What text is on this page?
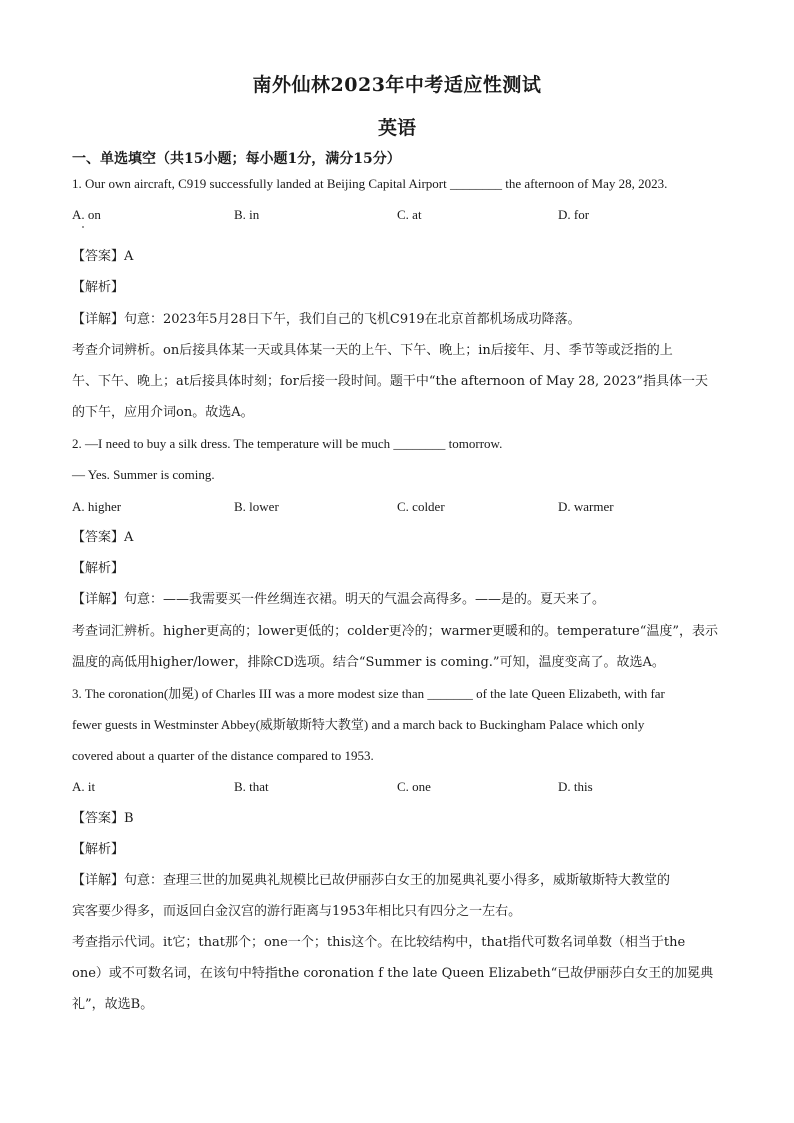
南外仙林2023年中考适应性测试
英语
一、单选填空（共15小题；每小题1分，满分15分）
1. Our own aircraft, C919 successfully landed at Beijing Capital Airport ________ the afternoon of May 28, 2023.
A. on	B. in	C. at	D. for
【答案】A
【解析】
【详解】句意：2023年5月28日下午，我们自己的飞机C919在北京首都机场成功降落。
考查介词辨析。on后接具体某一天或具体某一天的上午、下午、晚上；in后接年、月、季节等或泛指的上
午、下午、晚上；at后接具体时刻；for后接一段时间。题干中“the afternoon of May 28, 2023”指具体一天
的下午，应用介词on。故选A。
2. —I need to buy a silk dress. The temperature will be much ________ tomorrow.
— Yes. Summer is coming.
A. higher	B. lower	C. colder	D. warmer
【答案】A
【解析】
【详解】句意：——我需要买一件丝绸连衣裙。明天的气温会高得多。——是的。夏天来了。
考查词汇辨析。higher更高的；lower更低的；colder更冷的；warmer更暖和的。temperature“温度”，表示
温度的高低用higher/lower，排除CD选项。结合“Summer is coming.”可知，温度变高了。故选A。
3. The coronation(加冕) of Charles III was a more modest size than _______ of the late Queen Elizabeth, with far
fewer guests in Westminster Abbey(威斯敏斯特大教堂) and a march back to Buckingham Palace which only
covered about a quarter of the distance compared to 1953.
A. it	B. that	C. one	D. this
【答案】B
【解析】
【详解】句意：查理三世的加冕典礼规模比已故伊丽莎白女王的加冕典礼要小得多，威斯敏斯特大教堂的
宾客要少得多，而返回白金汉宫的游行距离与1953年相比只有四分之一左右。
考查指示代词。it它；that那个；one一个；this这个。在比较结构中，that指代可数名词单数（相当于the
one）或不可数名词，在该句中特指the coronation f the late Queen Elizabeth“已故伊丽莎白女王的加冕典
礼”，故选B。
